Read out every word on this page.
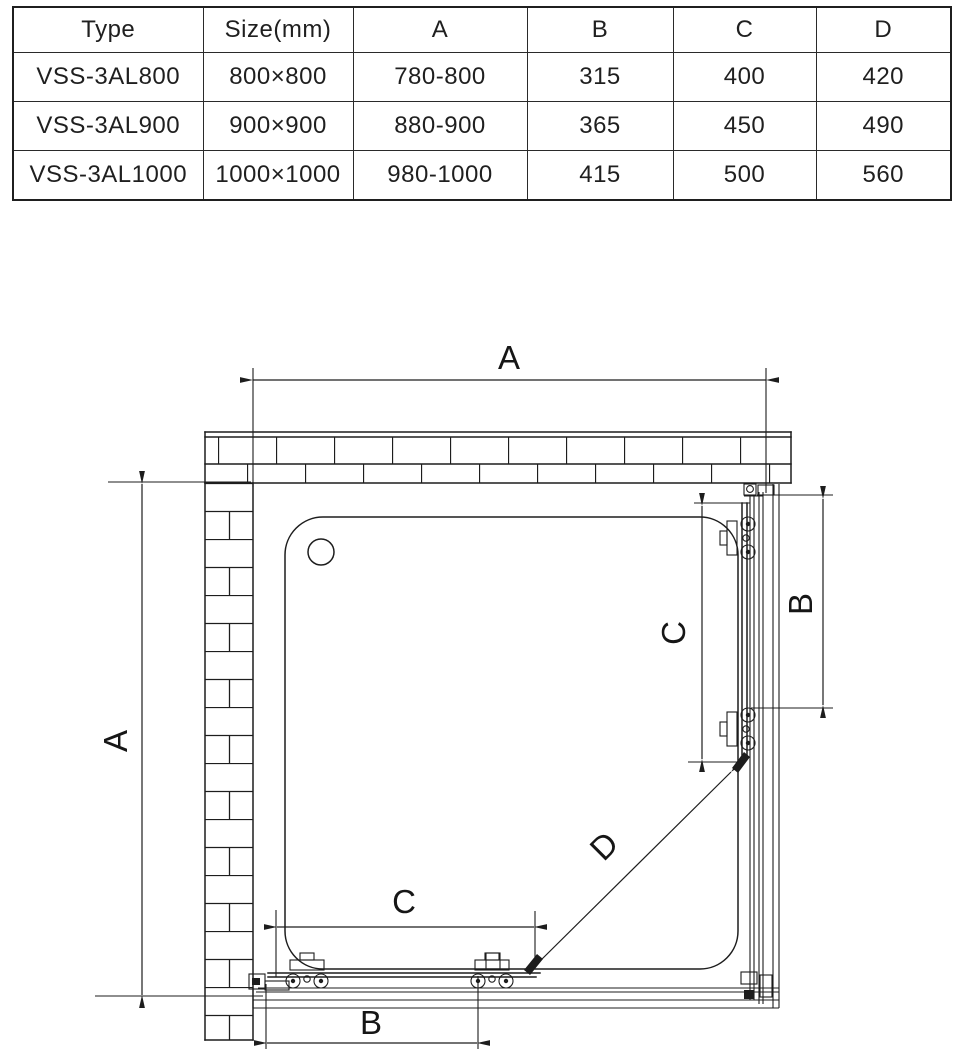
Type	Size(mm)	A	B	C	D
VSS-3AL800	800×800	780-800	315	400	420
VSS-3AL900	900×900	880-900	365	450	490
VSS-3AL1000	1000×1000	980-1000	415	500	560
A
A
C
B
D
C
B
